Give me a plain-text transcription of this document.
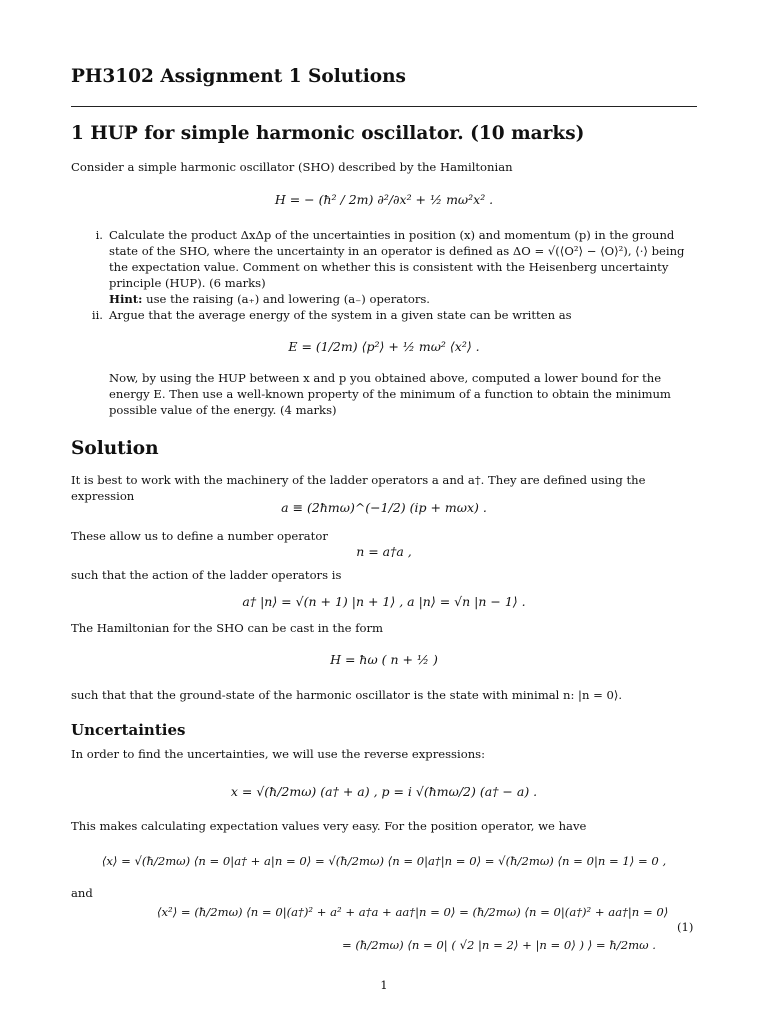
PH3102 Assignment 1 Solutions
1 HUP for simple harmonic oscillator. (10 marks)
Consider a simple harmonic oscillator (SHO) described by the Hamiltonian
H = − (ħ² / 2m) ∂²/∂x² + ½ mω²x² .
i. Calculate the product ΔxΔp of the uncertainties in position (x) and momentum (p) in the ground state of the SHO, where the uncertainty in an operator is defined as ΔO = √(⟨O²⟩ − ⟨O⟩²), ⟨·⟩ being the expectation value. Comment on whether this is consistent with the Heisenberg uncertainty principle (HUP). (6 marks)
Hint: use the raising (a₊) and lowering (a₋) operators.
ii. Argue that the average energy of the system in a given state can be written as
E = (1/2m) ⟨p²⟩ + ½ mω² ⟨x²⟩ .
Now, by using the HUP between x and p you obtained above, computed a lower bound for the energy E. Then use a well-known property of the minimum of a function to obtain the minimum possible value of the energy. (4 marks)
Solution
It is best to work with the machinery of the ladder operators a and a†. They are defined using the expression
a ≡ (2ħmω)^(−1/2) (ip + mωx) .
These allow us to define a number operator
n = a†a ,
such that the action of the ladder operators is
a† |n⟩ = √(n + 1) |n + 1⟩ , a |n⟩ = √n |n − 1⟩ .
The Hamiltonian for the SHO can be cast in the form
H = ħω ( n + ½ )
such that that the ground-state of the harmonic oscillator is the state with minimal n: |n = 0⟩.
Uncertainties
In order to find the uncertainties, we will use the reverse expressions:
x = √(ħ/2mω) (a† + a) , p = i √(ħmω/2) (a† − a) .
This makes calculating expectation values very easy. For the position operator, we have
⟨x⟩ = √(ħ/2mω) ⟨n = 0|a† + a|n = 0⟩ = √(ħ/2mω) ⟨n = 0|a†|n = 0⟩ = √(ħ/2mω) ⟨n = 0|n = 1⟩ = 0 ,
and
⟨x²⟩ = (ħ/2mω) ⟨n = 0|(a†)² + a² + a†a + aa†|n = 0⟩ = (ħ/2mω) ⟨n = 0|(a†)² + aa†|n = 0⟩
= (ħ/2mω) ⟨n = 0| ( √2 |n = 2⟩ + |n = 0⟩ ) ⟩ = ħ/2mω .
(1)
1
